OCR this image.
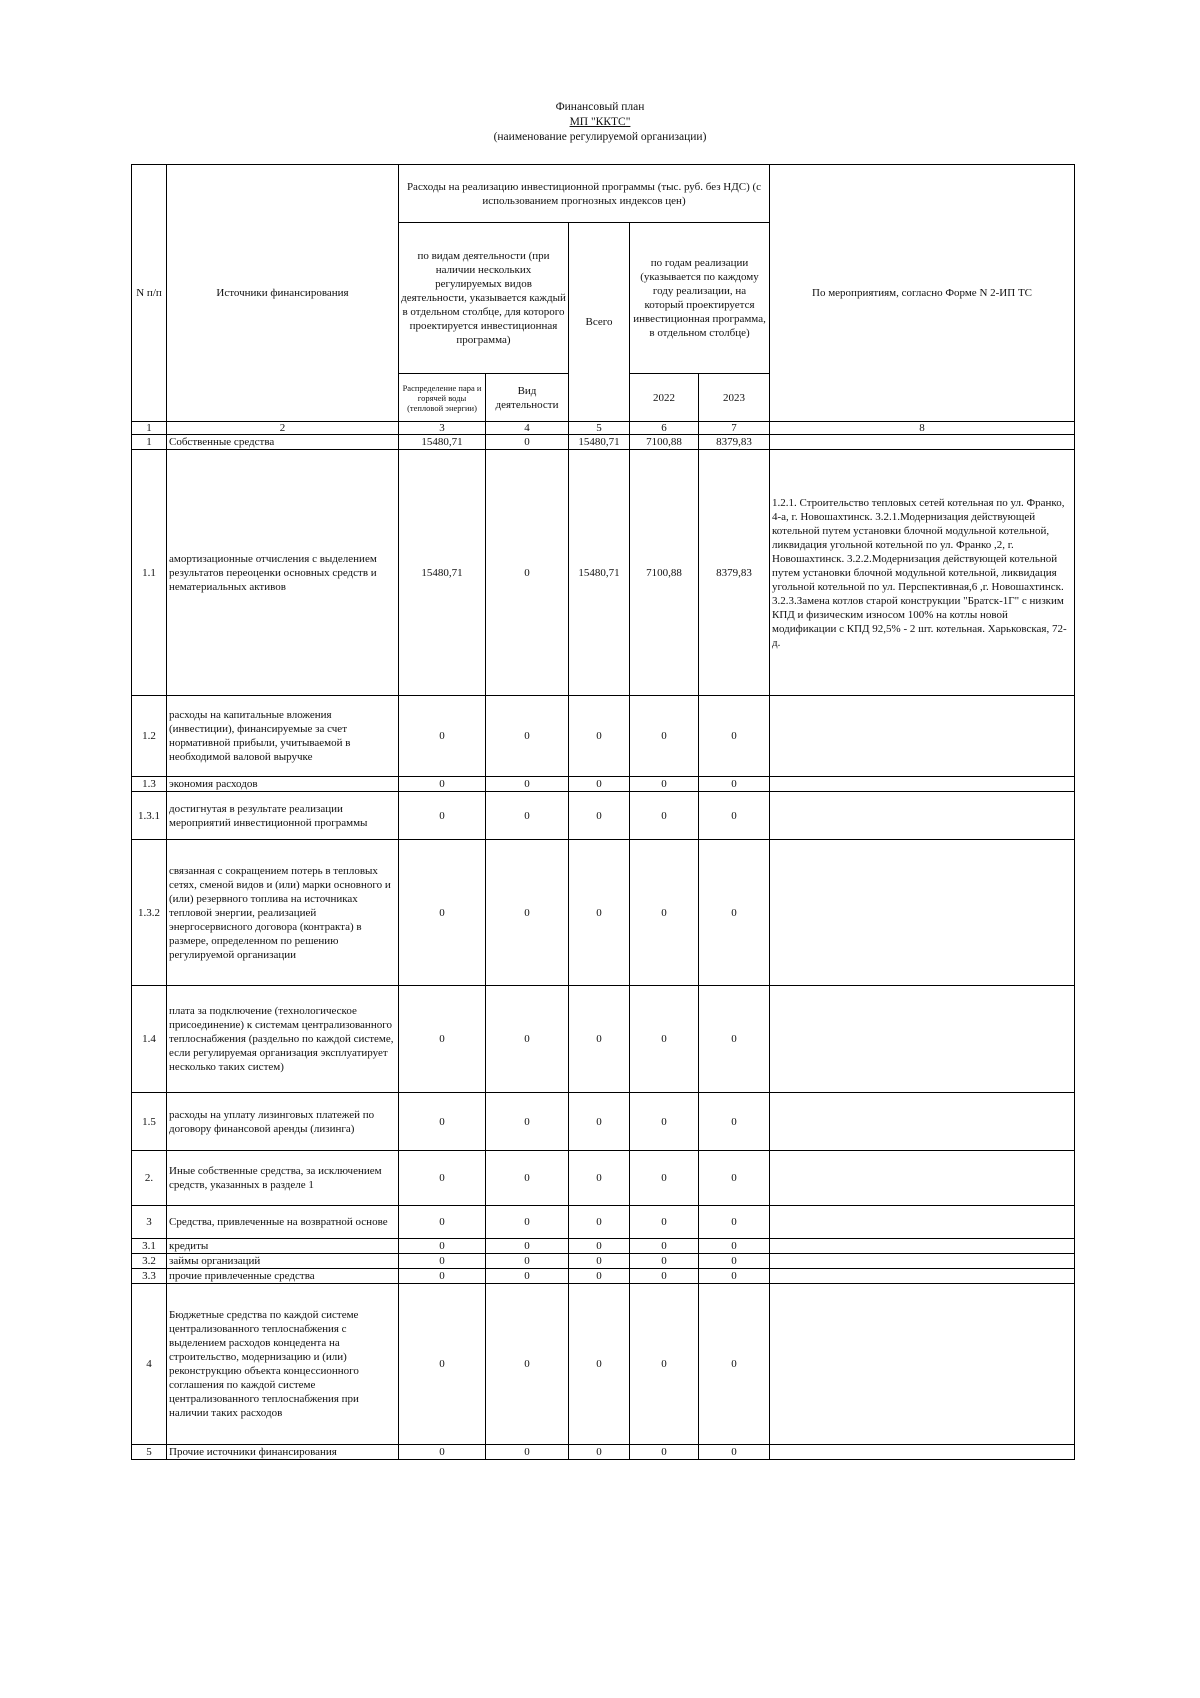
Финансовый план
МП "ККТС"
(наименование регулируемой организации)
N п/п	Источники финансирования	Расходы на реализацию инвестиционной программы (тыс. руб. без НДС) (с использованием прогнозных индексов цен)					По мероприятиям, согласно Форме N 2-ИП ТС
		по видам деятельности (при наличии нескольких регулируемых видов деятельности, указывается каждый в отдельном столбце, для которого проектируется инвестиционная программа)		Всего	по годам реализации (указывается по каждому году реализации, на который проектируется инвестиционная программа, в отдельном столбце)		
		Распределение пара и горячей воды (тепловой энергии)	Вид деятельности		2022	2023	
1	2	3	4	5	6	7	8
1	Собственные средства	15480,71	0	15480,71	7100,88	8379,83	
1.1	амортизационные отчисления с выделением результатов переоценки основных средств и нематериальных активов	15480,71	0	15480,71	7100,88	8379,83	1.2.1. Строительство тепловых сетей котельная по ул. Франко, 4-а, г. Новошахтинск. 3.2.1.Модернизация действующей котельной путем установки блочной модульной котельной, ликвидация угольной котельной по ул. Франко ,2, г. Новошахтинск. 3.2.2.Модернизация действующей котельной путем установки блочной модульной котельной, ликвидация угольной котельной по ул. Перспективная,6 ,г. Новошахтинск. 3.2.3.Замена котлов старой конструкции "Братск-1Г" с низким КПД и физическим износом 100% на котлы новой модификации с КПД 92,5% - 2 шт. котельная. Харьковская, 72-д.
1.2	расходы на капитальные вложения (инвестиции), финансируемые за счет нормативной прибыли, учитываемой в необходимой валовой выручке	0	0	0	0	0	
1.3	экономия расходов	0	0	0	0	0	
1.3.1	достигнутая в результате реализации мероприятий инвестиционной программы	0	0	0	0	0	
1.3.2	связанная с сокращением потерь в тепловых сетях, сменой видов и (или) марки основного и (или) резервного топлива на источниках тепловой энергии, реализацией энергосервисного договора (контракта) в размере, определенном по решению регулируемой организации	0	0	0	0	0	
1.4	плата за подключение (технологическое присоединение) к системам централизованного теплоснабжения (раздельно по каждой системе, если регулируемая организация эксплуатирует несколько таких систем)	0	0	0	0	0	
1.5	расходы на уплату лизинговых платежей по договору финансовой аренды (лизинга)	0	0	0	0	0	
2.	Иные собственные средства, за исключением средств, указанных в разделе 1	0	0	0	0	0	
3	Средства, привлеченные на возвратной основе	0	0	0	0	0	
3.1	кредиты	0	0	0	0	0	
3.2	займы организаций	0	0	0	0	0	
3.3	прочие привлеченные средства	0	0	0	0	0	
4	Бюджетные средства по каждой системе централизованного теплоснабжения с выделением расходов концедента на строительство, модернизацию и (или) реконструкцию объекта концессионного соглашения по каждой системе централизованного теплоснабжения при наличии таких расходов	0	0	0	0	0	
5	Прочие источники финансирования	0	0	0	0	0	
